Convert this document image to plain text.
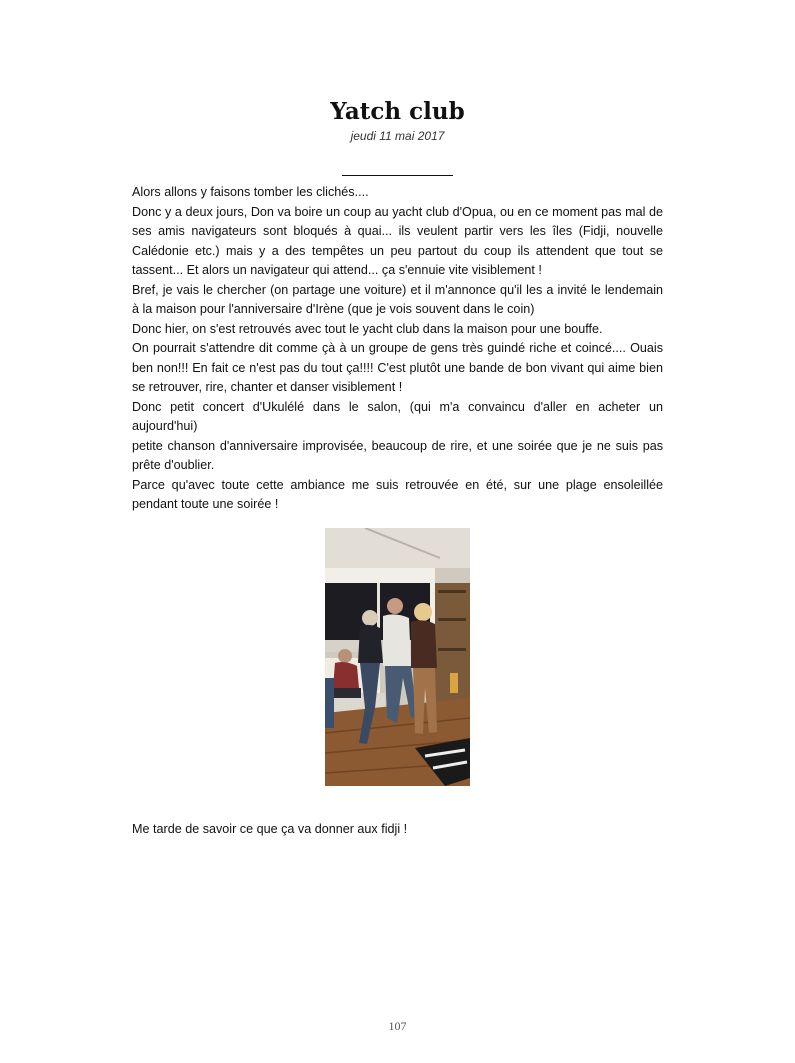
Yatch club
jeudi 11 mai 2017

Alors allons y faisons tomber les clichés....

Donc y a deux jours, Don va boire un coup au yacht club d'Opua, ou en ce moment pas mal de ses amis navigateurs sont bloqués à quai... ils veulent partir vers les îles (Fidji, nouvelle Calédonie etc.) mais y a des tempêtes un peu partout du coup ils attendent que tout se tassent... Et alors un navigateur qui attend... ça s'ennuie vite visiblement !

Bref, je vais le chercher (on partage une voiture) et il m'annonce qu'il les a invité le lendemain à la maison pour l'anniversaire d'Irène (que je vois souvent dans le coin)

Donc hier, on s'est retrouvés avec tout le yacht club dans la maison pour une bouffe.

On pourrait s'attendre dit comme çà à un groupe de gens très guindé riche et coincé.... Ouais ben non!!! En fait ce n'est pas du tout ça!!!! C'est plutôt une bande de bon vivant qui aime bien se retrouver, rire, chanter et danser visiblement !

Donc petit concert d'Ukulélé dans le salon, (qui m'a convaincu d'aller en acheter un aujourd'hui)

petite chanson d'anniversaire improvisée, beaucoup de rire, et une soirée que je ne suis pas prête d'oublier.

Parce qu'avec toute cette ambiance me suis retrouvée en été, sur une plage ensoleillée pendant toute une soirée !

Me tarde de savoir ce que ça va donner aux fidji !
107
